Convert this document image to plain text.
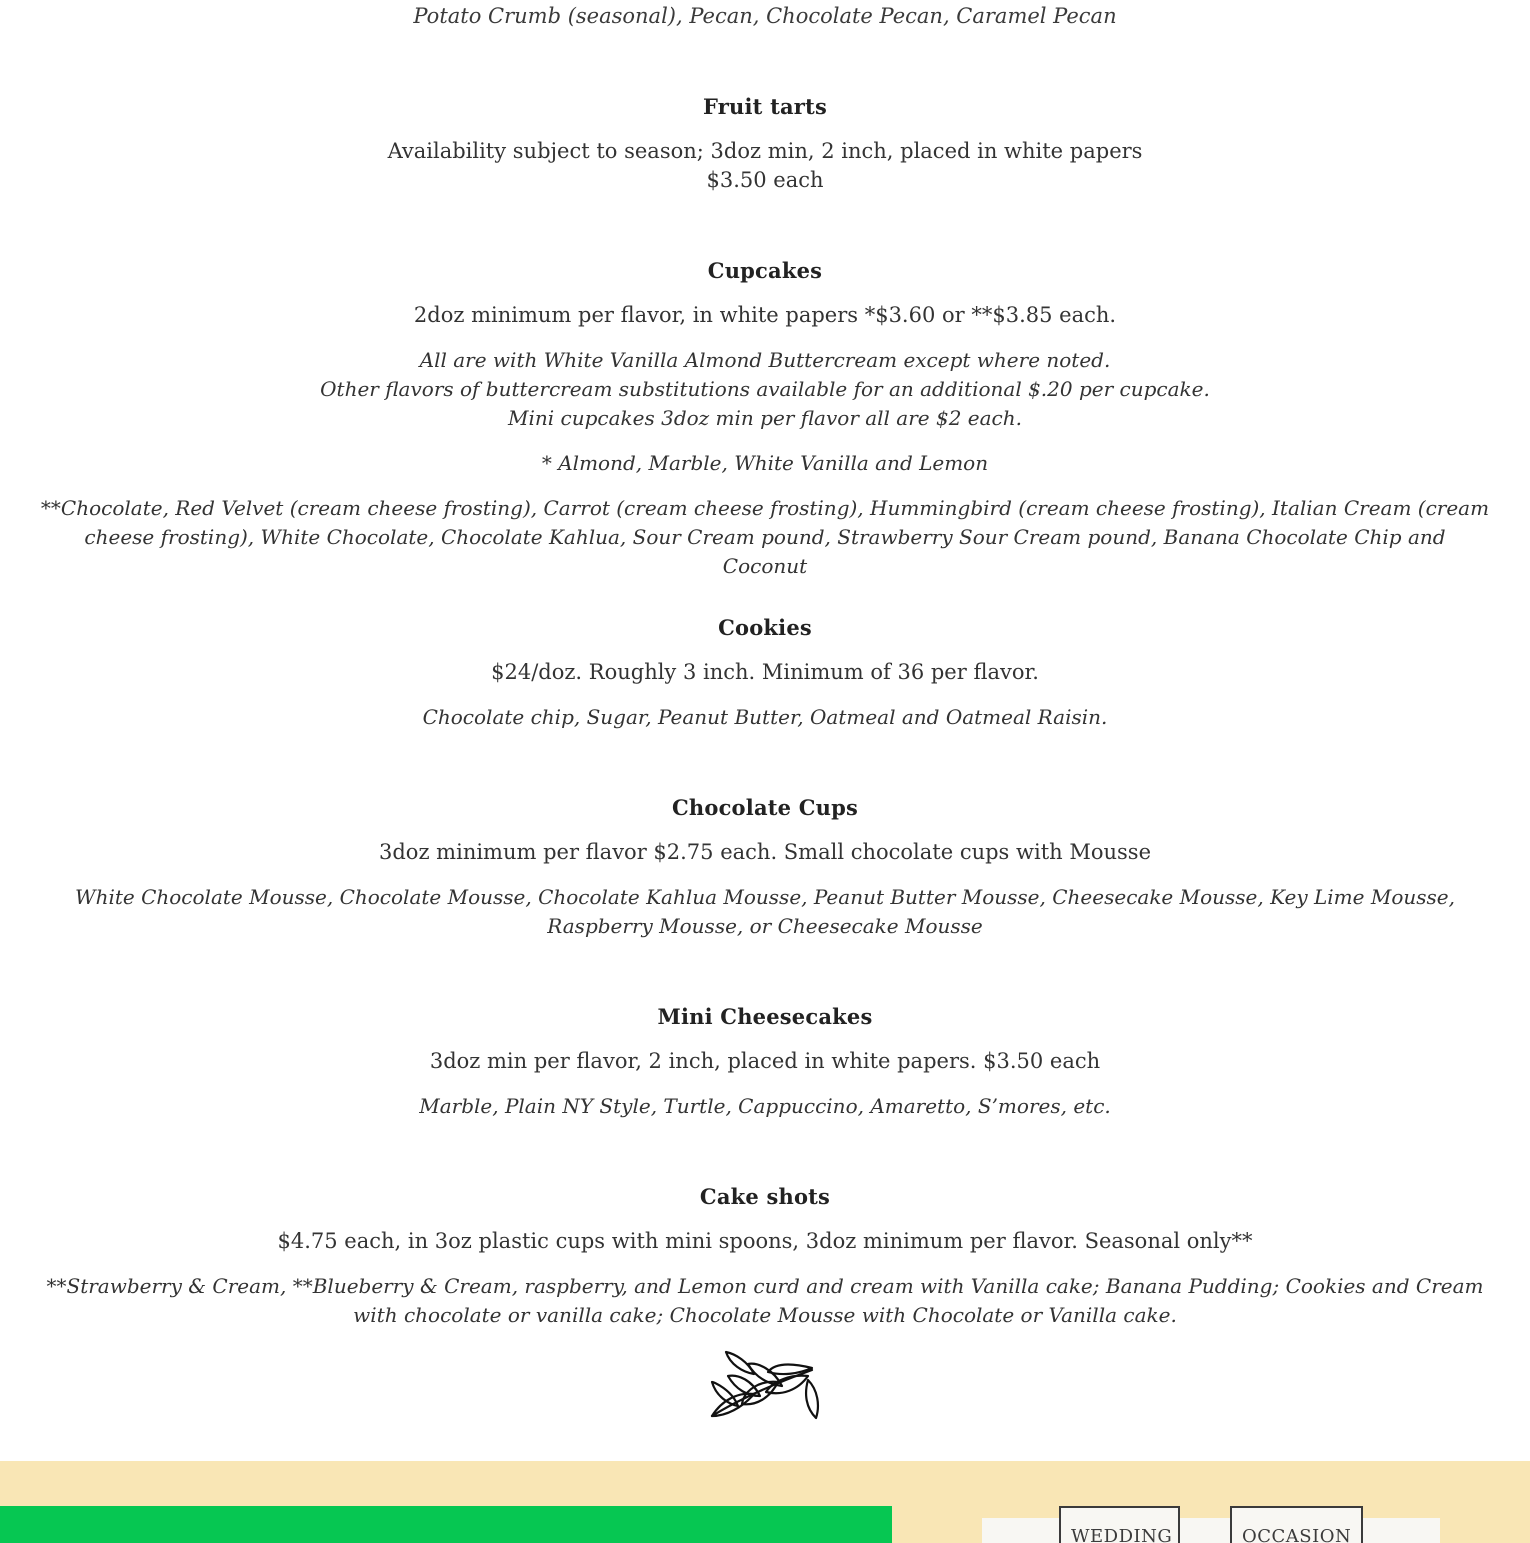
Potato Crumb (seasonal), Pecan, Chocolate Pecan, Caramel Pecan
Fruit tarts
Availability subject to season; 3doz min, 2 inch, placed in white papers
$3.50 each
Cupcakes
2doz minimum per flavor, in white papers *$3.60 or **$3.85 each.
All are with White Vanilla Almond Buttercream except where noted.
Other flavors of buttercream substitutions available for an additional $.20 per cupcake.
Mini cupcakes 3doz min per flavor all are $2 each.
* Almond, Marble, White Vanilla and Lemon
**Chocolate, Red Velvet (cream cheese frosting), Carrot (cream cheese frosting), Hummingbird (cream cheese frosting), Italian Cream (cream cheese frosting), White Chocolate, Chocolate Kahlua, Sour Cream pound, Strawberry Sour Cream pound, Banana Chocolate Chip and Coconut
Cookies
$24/doz. Roughly 3 inch. Minimum of 36 per flavor.
Chocolate chip, Sugar, Peanut Butter, Oatmeal and Oatmeal Raisin.
Chocolate Cups
3doz minimum per flavor $2.75 each. Small chocolate cups with Mousse
White Chocolate Mousse, Chocolate Mousse, Chocolate Kahlua Mousse, Peanut Butter Mousse, Cheesecake Mousse, Key Lime Mousse, Raspberry Mousse, or Cheesecake Mousse
Mini Cheesecakes
3doz min per flavor, 2 inch, placed in white papers. $3.50 each
Marble, Plain NY Style, Turtle, Cappuccino, Amaretto, S’mores, etc.
Cake shots
$4.75 each, in 3oz plastic cups with mini spoons, 3doz minimum per flavor. Seasonal only**
**Strawberry & Cream, **Blueberry & Cream, raspberry, and Lemon curd and cream with Vanilla cake; Banana Pudding; Cookies and Cream with chocolate or vanilla cake; Chocolate Mousse with Chocolate or Vanilla cake.
WEDDING	OCCASION
